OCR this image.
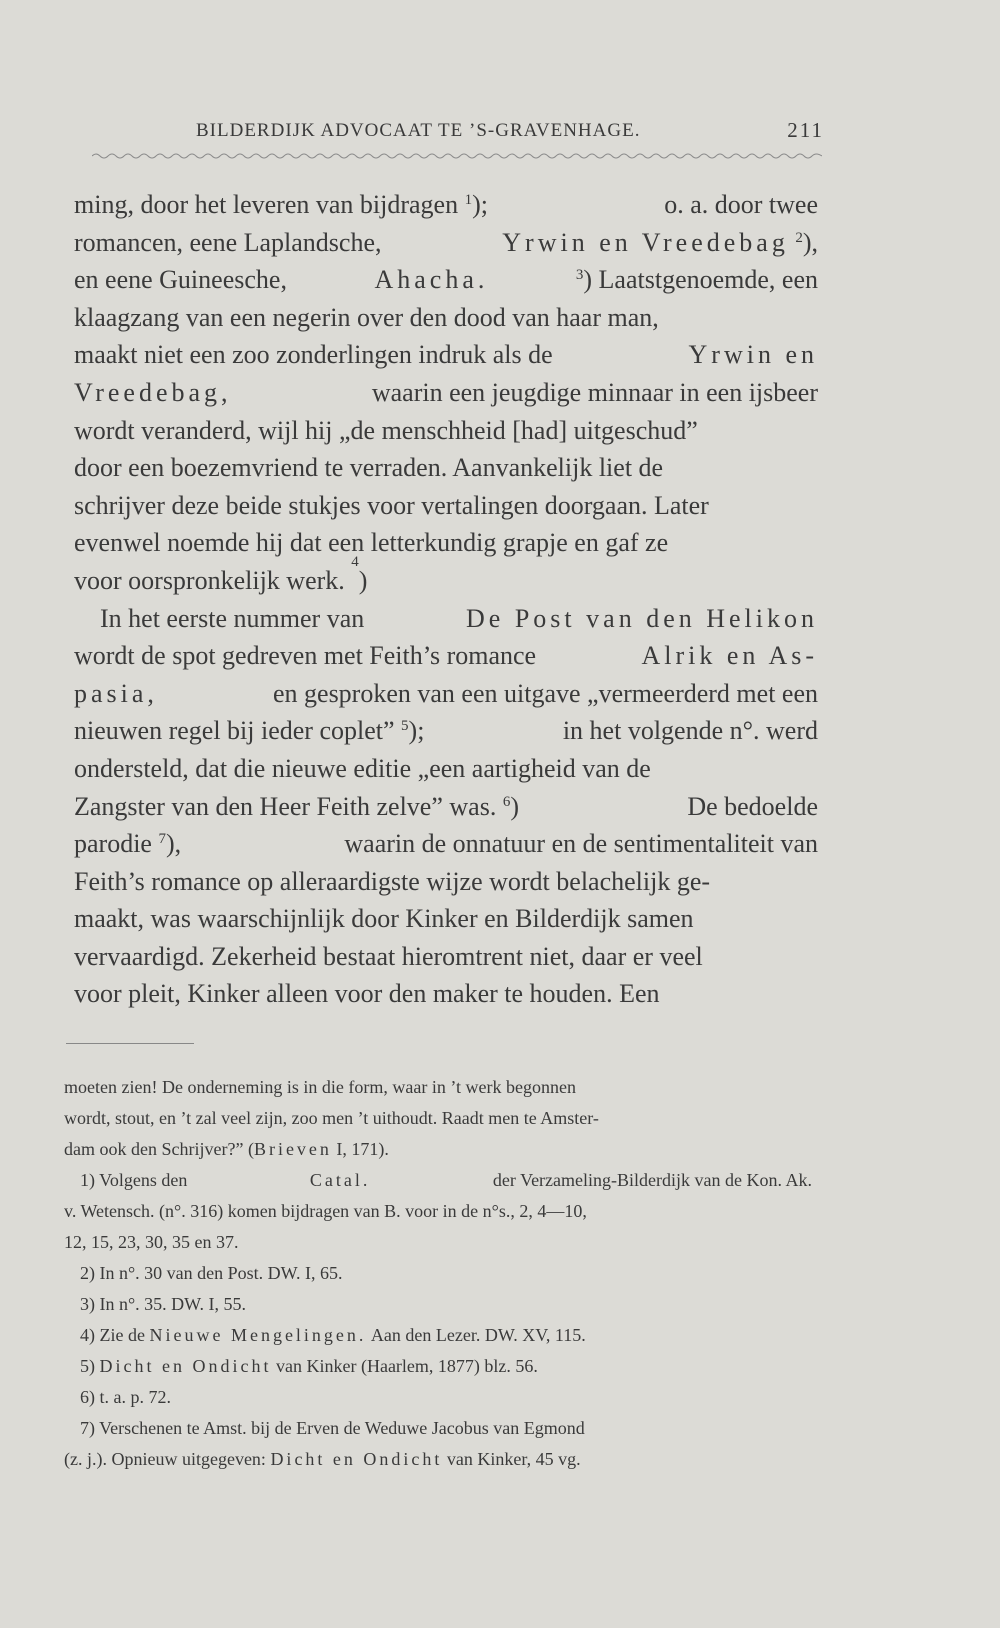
BILDERDIJK ADVOCAAT TE ’S-GRAVENHAGE.	211
ming, door het leveren van bijdragen $^1$);	o. a. door twee
romancen, eene Laplandsche,	Yrwin en Vreedebag $^2$),
en eene Guineesche,	Ahacha.	$^3$) Laatstgenoemde, een
klaagzang van een negerin over den dood van haar man,
maakt niet een zoo zonderlingen indruk als de	Yrwin en
Vreedebag,	waarin een jeugdige minnaar in een ijsbeer
wordt veranderd, wijl hij „de menschheid [had] uitgeschud”
door een boezemvriend te verraden. Aanvankelijk liet de
schrijver deze beide stukjes voor vertalingen doorgaan. Later
evenwel noemde hij dat een letterkundig grapje en gaf ze
voor oorspronkelijk werk.

4
)
In het eerste nummer van	De Post van den Helikon
wordt de spot gedreven met Feith’s romance	Alrik en As-
pasia,	en gesproken van een uitgave „vermeerderd met een
nieuwen regel bij ieder coplet” $^5$);	in het volgende n°. werd
ondersteld, dat die nieuwe editie „een aartigheid van de
Zangster van den Heer Feith zelve” was. $^6$)	De bedoelde
parodie $^7$),	waarin de onnatuur en de sentimentaliteit van
Feith’s romance op alleraardigste wijze wordt belachelijk ge-
maakt, was waarschijnlijk door Kinker en Bilderdijk samen
vervaardigd. Zekerheid bestaat hieromtrent niet, daar er veel
voor pleit, Kinker alleen voor den maker te houden. Een
moeten zien! De onderneming is in die form, waar in ’t werk begonnen
wordt, stout, en ’t zal veel zijn, zoo men ’t uithoudt. Raadt men te Amster-
dam ook den Schrijver?” ( Brieven
I, 171).
1) Volgens den	Catal.	der Verzameling-Bilderdijk van de Kon. Ak.
v. Wetensch. (n°. 316) komen bijdragen van B. voor in de n°s., 2, 4—10,
12, 15, 23, 30, 35 en 37.
2) In n°. 30 van den Post. DW. I, 65.
3) In n°. 35. DW. I, 55.
4) Zie de
Nieuwe Mengelingen.
Aan den Lezer. DW. XV, 115.
5)
Dicht en Ondicht
van Kinker (Haarlem, 1877) blz. 56.
6) t. a. p. 72.
7) Verschenen te Amst. bij de Erven de Weduwe Jacobus van Egmond
(z. j.). Opnieuw uitgegeven:
Dicht en Ondicht
van Kinker, 45 vg.
